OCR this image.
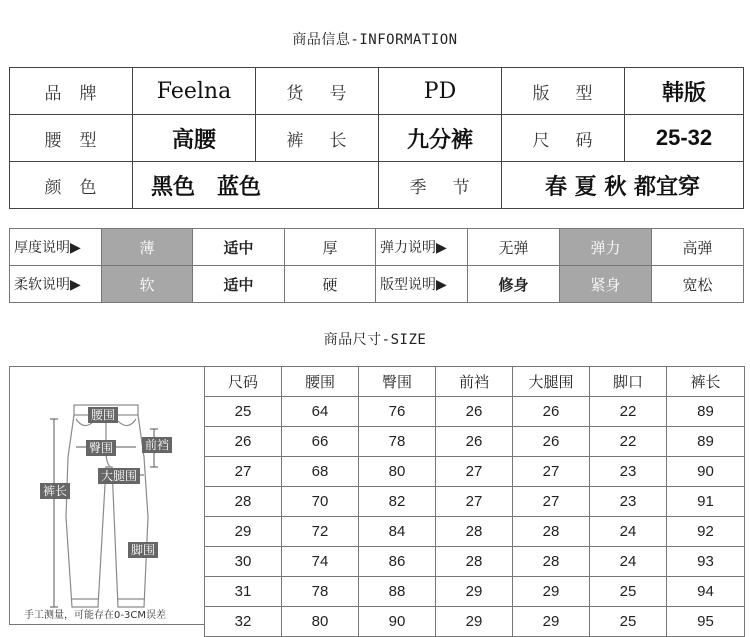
商品信息-INFORMATION
品牌	Feelna	货号	PD	版型	韩版
腰型	高腰	裤长	九分裤	尺码	25-32
颜色	黑色　蓝色		季节	春 夏 秋 都宜穿	
厚度说明▶	薄	适中	厚	弹力说明▶	无弹	弹力	高弹
柔软说明▶	软	适中	硬	版型说明▶	修身	紧身	宽松
商品尺寸-SIZE
腰围
臀围	前裆
大腿围
裤长
脚围
手工测量，可能存在0-3CM误差
尺码	腰围	臀围	前裆	大腿围	脚口	裤长
25	64	76	26	26	22	89
26	66	78	26	26	22	89
27	68	80	27	27	23	90
28	70	82	27	27	23	91
29	72	84	28	28	24	92
30	74	86	28	28	24	93
31	78	88	29	29	25	94
32	80	90	29	29	25	95
